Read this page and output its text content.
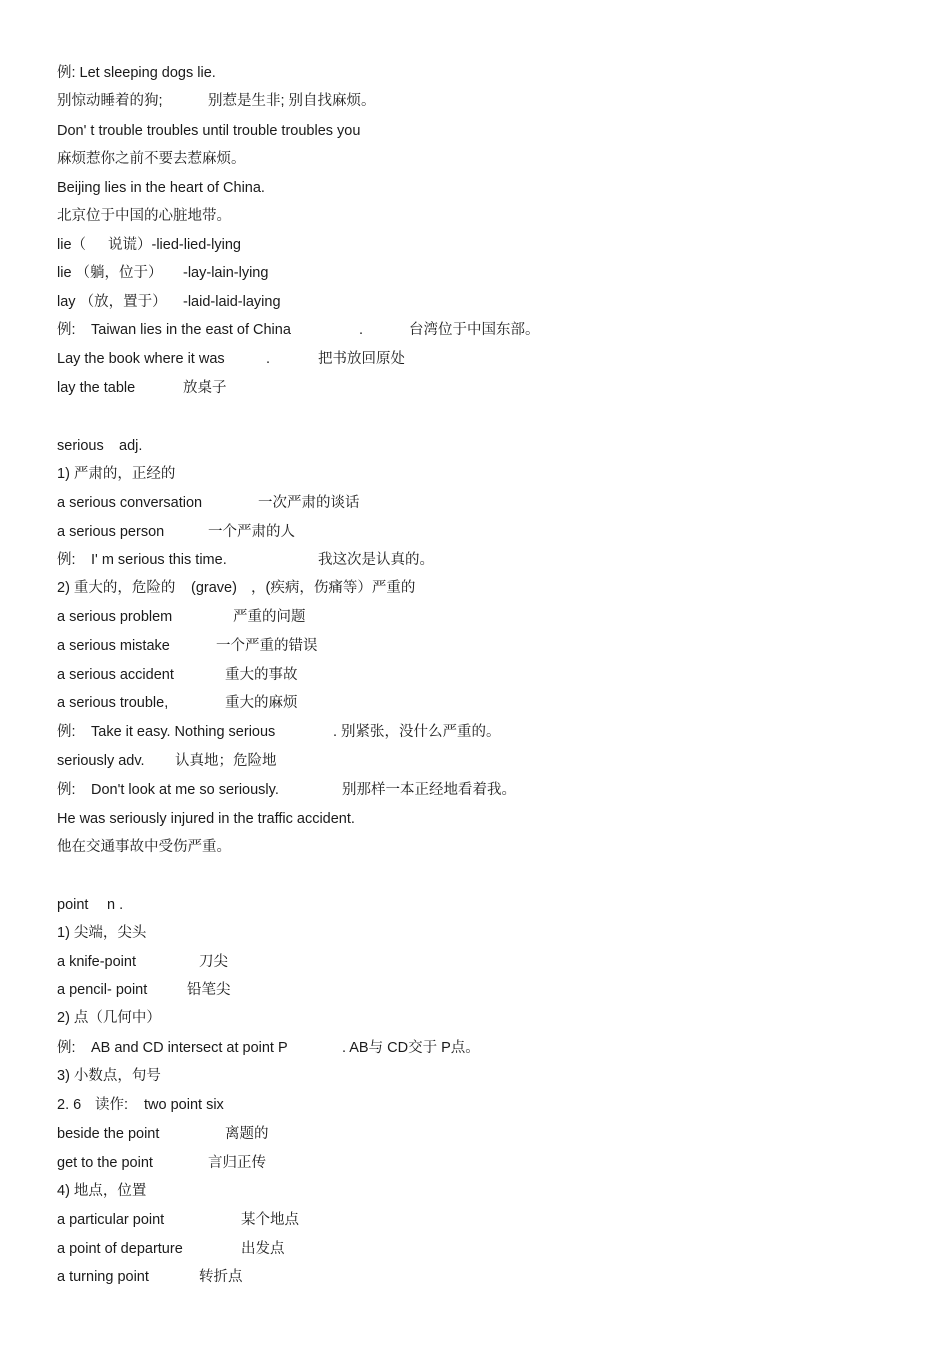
例: Let sleeping dogs lie.
别惊动睡着的狗;	别惹是生非; 别自找麻烦。
Don' t trouble troubles until trouble troubles you
麻烦惹你之前不要去惹麻烦。
Beijing lies in the heart of China.
北京位于中国的心脏地带。
lie（ 说谎）-lied-lied-lying
lie （躺，位于） -lay-lain-lying
lay （放，置于） -laid-laid-laying
例: Taiwan lies in the east of China	.	台湾位于中国东部。
Lay the book where it was	.	把书放回原处
lay the table	放桌子
serious adj.
1) 严肃的，正经的
a serious conversation	一次严肃的谈话
a serious person	一个严肃的人
例: I' m serious this time.	我这次是认真的。
2) 重大的，危险的 (grave) ，(疾病，伤痛等）严重的
a serious problem	严重的问题
a serious mistake	一个严重的错误
a serious accident	重大的事故
a serious trouble,	重大的麻烦
例: Take it easy. Nothing serious	. 别紧张，没什么严重的。
seriously adv. 认真地；危险地
例: Don't look at me so seriously.	别那样一本正经地看着我。
He was seriously injured in the traffic accident.
他在交通事故中受伤严重。
point n .
1) 尖端，尖头
a knife-point	刀尖
a pencil- point	铅笔尖
2) 点（几何中）
例: AB and CD intersect at point P	. AB与 CD交于 P点。
3) 小数点，句号
2. 6 读作: two point six
beside the point	离题的
get to the point	言归正传
4) 地点，位置
a particular point	某个地点
a point of departure	出发点
a turning point	转折点
